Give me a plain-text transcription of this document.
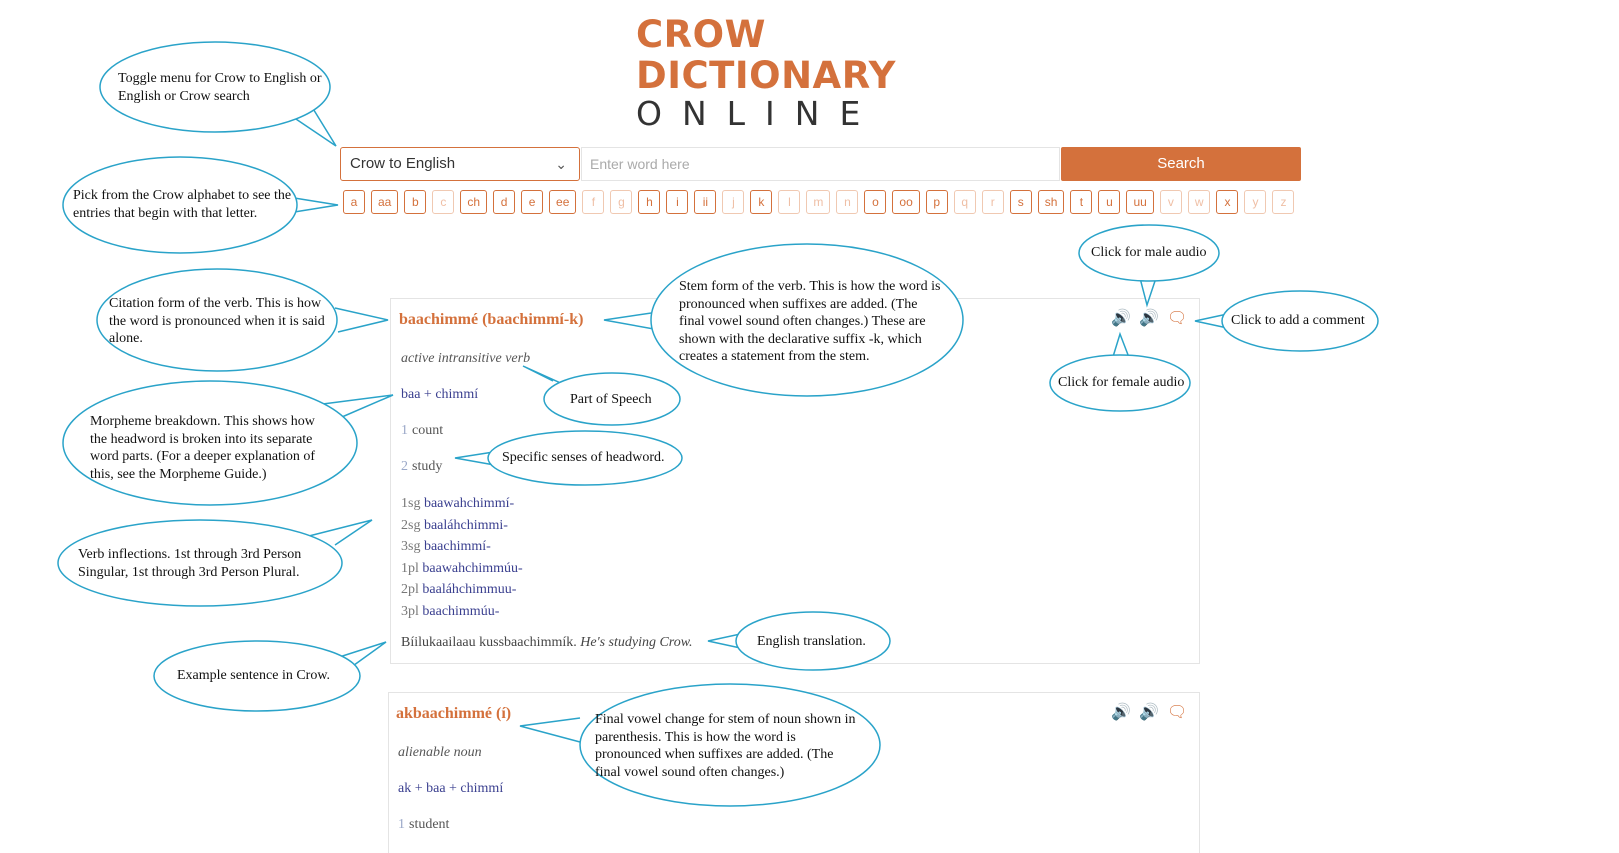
CROW
DICTIONARY
ONLINE
Crow to English	⌄
Enter word here	Search
a aa b c ch d e ee f g h i ii j k l m n o oo p q r s sh t u uu v w x y z
baachimmé (baachimmí-k)	🔊 🔊 🗨
active intransitive verb
baa + chimmí
1 count
2 study
1sg baawahchimmí-
2sg baaláhchimmi-
3sg baachimmí-
1pl baawahchimmúu-
2pl baaláhchimmuu-
3pl baachimmúu-
Bíilukaailaau kussbaachimmík. He's studying Crow.
akbaachimmé (í)	🔊 🔊 🗨
alienable noun
ak + baa + chimmí
1 student
Toggle menu for Crow to English or English or Crow search
Pick from the Crow alphabet to see the entries that begin with that letter.
Citation form of the verb. This is how the word is pronounced when it is said alone.
Stem form of the verb. This is how the word is pronounced when suffixes are added. (The final vowel sound often changes.) These are shown with the declarative suffix -k, which creates a statement from the stem.
Click for male audio
Click to add a comment
Click for female audio
Part of Speech
Morpheme breakdown. This shows how the headword is broken into its separate word parts. (For a deeper explanation of this, see the Morpheme Guide.)
Specific senses of headword.
Verb inflections. 1st through 3rd Person Singular, 1st through 3rd Person Plural.
English translation.
Example sentence in Crow.
Final vowel change for stem of noun shown in parenthesis. This is how the word is pronounced when suffixes are added. (The final vowel sound often changes.)
